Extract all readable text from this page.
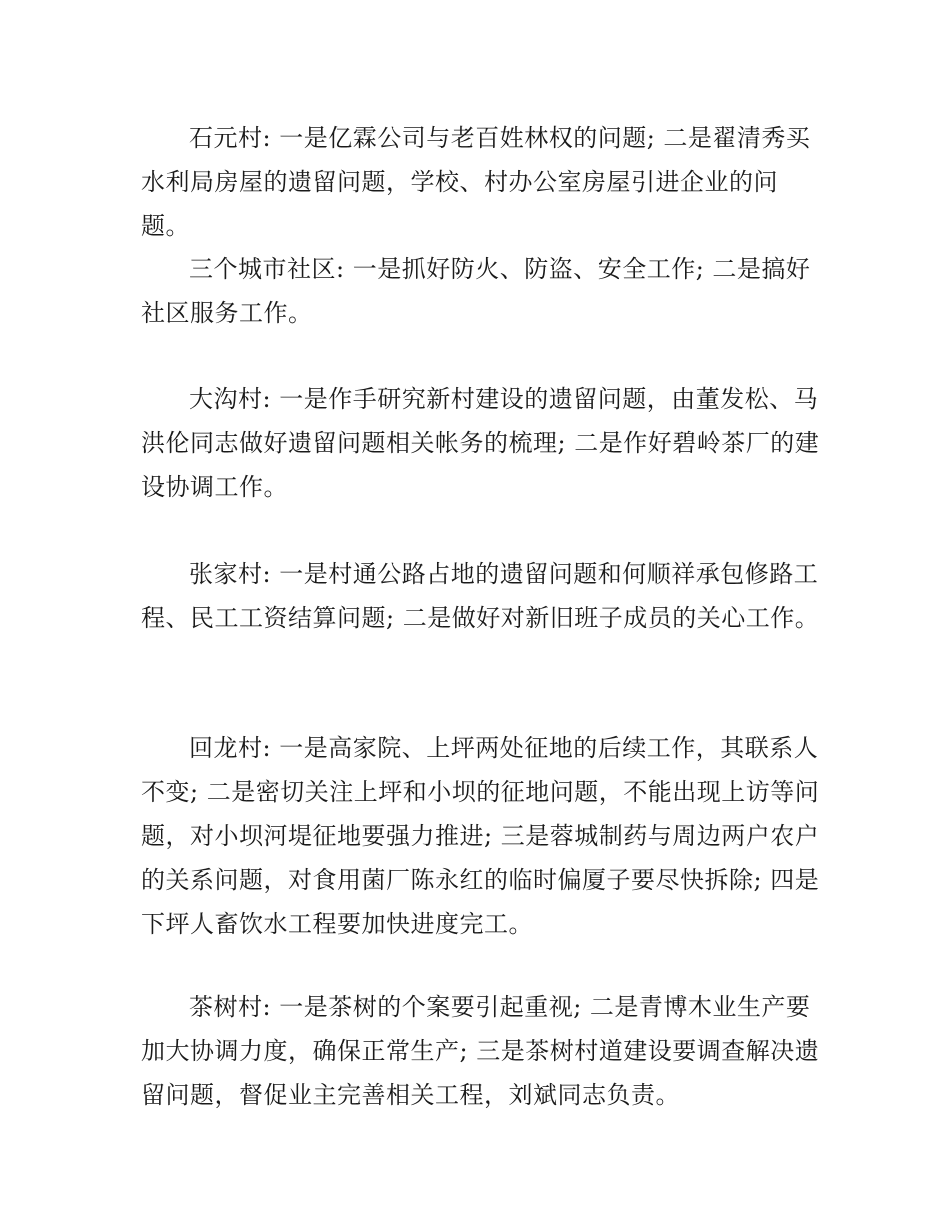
石元村: 一是亿霖公司与老百姓林权的问题; 二是翟清秀买水利局房屋的遗留问题，学校、村办公室房屋引进企业的问题。

三个城市社区: 一是抓好防火、防盗、安全工作; 二是搞好社区服务工作。

大沟村: 一是作手研究新村建设的遗留问题，由董发松、马洪伦同志做好遗留问题相关帐务的梳理; 二是作好碧岭茶厂的建设协调工作。

张家村: 一是村通公路占地的遗留问题和何顺祥承包修路工程、民工工资结算问题; 二是做好对新旧班子成员的关心工作。

回龙村: 一是高家院、上坪两处征地的后续工作，其联系人不变; 二是密切关注上坪和小坝的征地问题，不能出现上访等问题，对小坝河堤征地要强力推进; 三是蓉城制药与周边两户农户的关系问题，对食用菌厂陈永红的临时偏厦子要尽快拆除; 四是下坪人畜饮水工程要加快进度完工。

茶树村: 一是茶树的个案要引起重视; 二是青博木业生产要加大协调力度，确保正常生产; 三是茶树村道建设要调查解决遗留问题，督促业主完善相关工程，刘斌同志负责。
